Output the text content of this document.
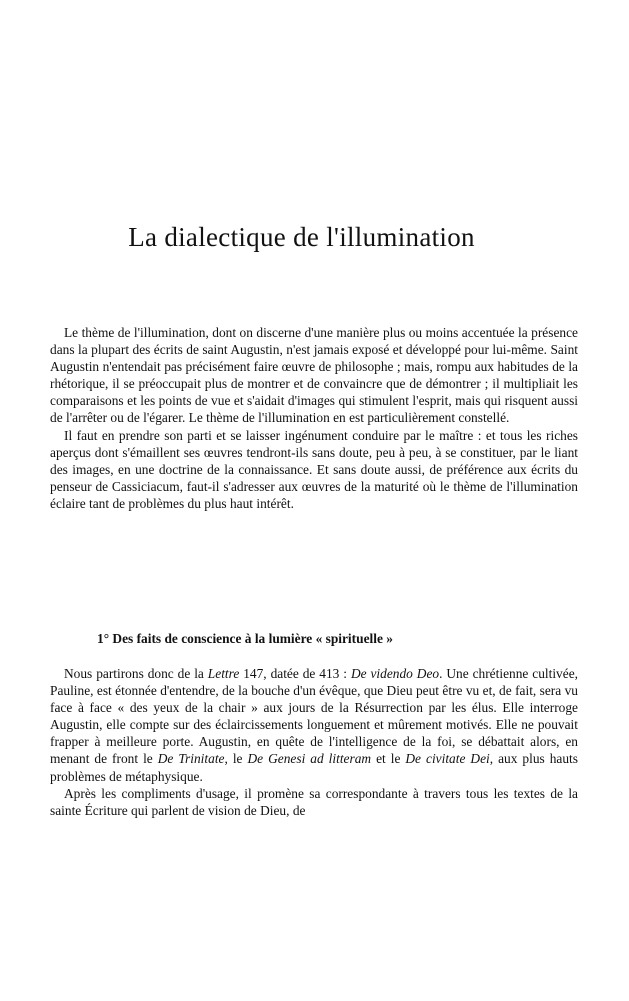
La dialectique de l'illumination

Le thème de l'illumination, dont on discerne d'une manière plus ou moins accentuée la présence dans la plupart des écrits de saint Augustin, n'est jamais exposé et développé pour lui-même. Saint Augustin n'entendait pas précisément faire œuvre de philosophe ; mais, rompu aux habitudes de la rhétorique, il se préoccupait plus de montrer et de convaincre que de démontrer ; il multipliait les comparaisons et les points de vue et s'aidait d'images qui stimulent l'esprit, mais qui risquent aussi de l'arrêter ou de l'égarer. Le thème de l'illumination en est particulièrement constellé.

Il faut en prendre son parti et se laisser ingénument conduire par le maître : et tous les riches aperçus dont s'émaillent ses œuvres tendront-ils sans doute, peu à peu, à se constituer, par le liant des images, en une doctrine de la connaissance. Et sans doute aussi, de préférence aux écrits du penseur de Cassiciacum, faut-il s'adresser aux œuvres de la maturité où le thème de l'illumination éclaire tant de problèmes du plus haut intérêt.

1° Des faits de conscience à la lumière « spirituelle »

Nous partirons donc de la Lettre 147, datée de 413 : De videndo Deo. Une chrétienne cultivée, Pauline, est étonnée d'entendre, de la bouche d'un évêque, que Dieu peut être vu et, de fait, sera vu face à face « des yeux de la chair » aux jours de la Résurrection par les élus. Elle interroge Augustin, elle compte sur des éclaircissements longuement et mûrement motivés. Elle ne pouvait frapper à meilleure porte. Augustin, en quête de l'intelligence de la foi, se débattait alors, en menant de front le De Trinitate, le De Genesi ad litteram et le De civitate Dei, aux plus hauts problèmes de métaphysique.

Après les compliments d'usage, il promène sa correspondante à travers tous les textes de la sainte Écriture qui parlent de vision de Dieu, de
